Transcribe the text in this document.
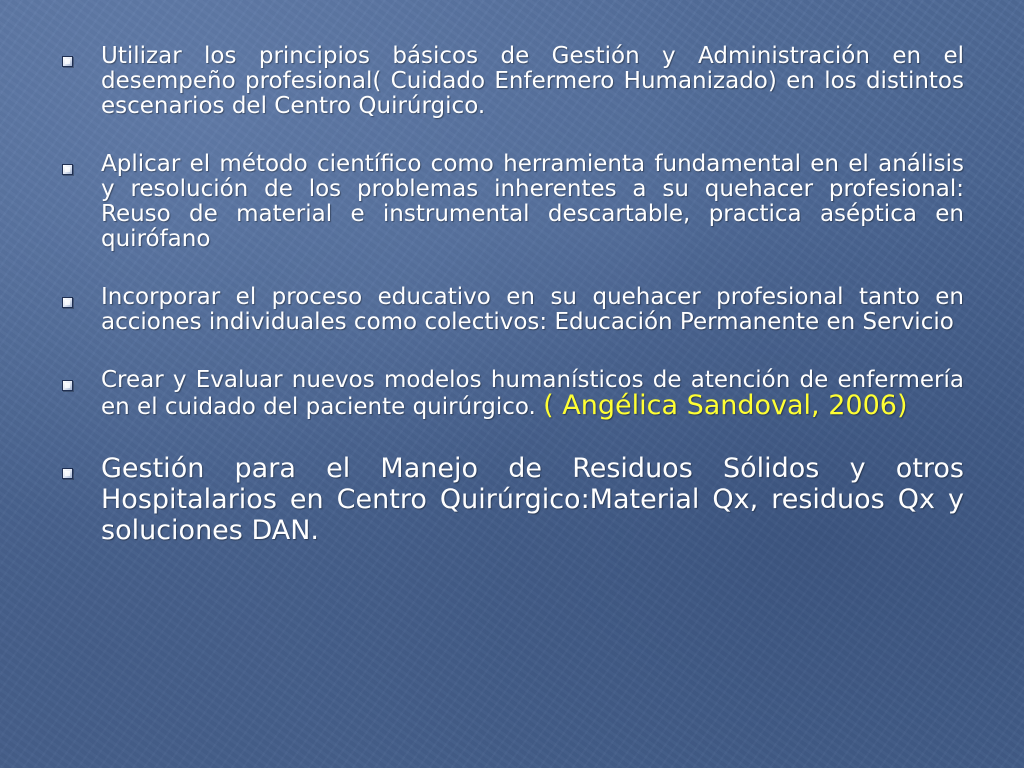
Utilizar los principios básicos de Gestión y Administración en el desempeño profesional( Cuidado Enfermero Humanizado) en los distintos escenarios del Centro Quirúrgico.
Aplicar el método científico como herramienta fundamental en el análisis y resolución de los problemas inherentes a su quehacer profesional: Reuso de material e instrumental descartable, practica aséptica en quirófano
Incorporar el proceso educativo en su quehacer profesional tanto en acciones individuales como colectivos: Educación Permanente en Servicio
Crear y Evaluar nuevos modelos humanísticos de atención de enfermería en el cuidado del paciente quirúrgico. ( Angélica Sandoval, 2006)
Gestión para el Manejo de Residuos Sólidos y otros Hospitalarios en Centro Quirúrgico:Material Qx, residuos Qx y soluciones DAN.
